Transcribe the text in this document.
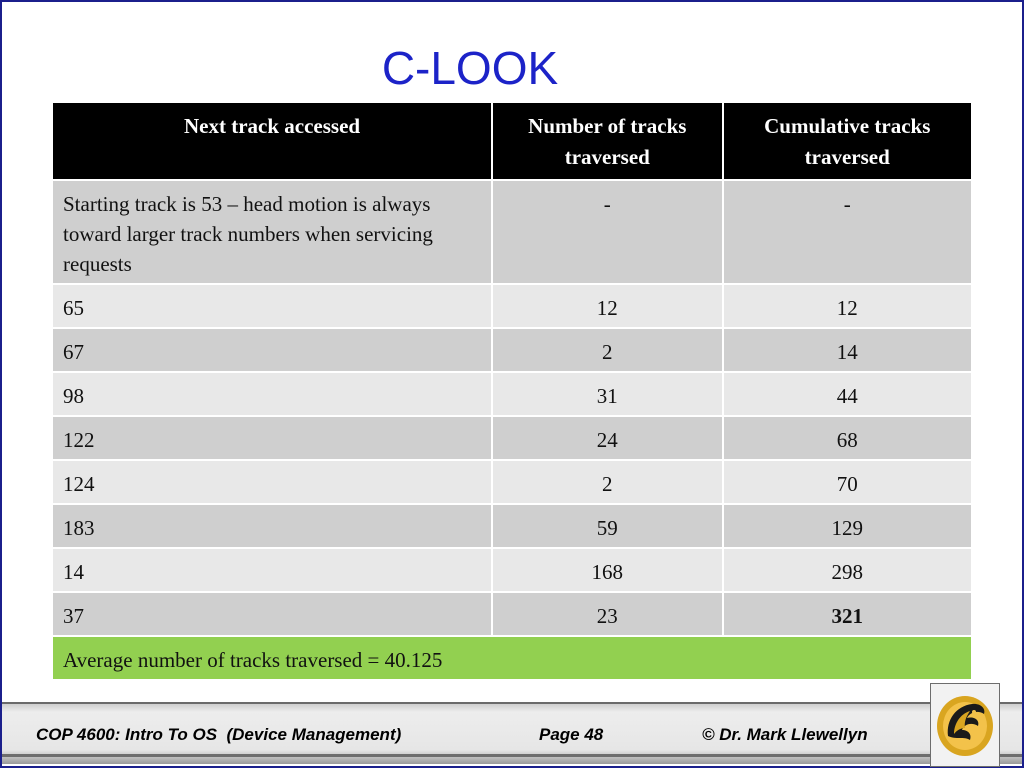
C-LOOK
Next track accessed	Number of tracks traversed	Cumulative tracks traversed
Starting track is 53 – head motion is always toward larger track numbers when servicing requests	-	-
65	12	12
67	2	14
98	31	44
122	24	68
124	2	70
183	59	129
14	168	298
37	23	321
Average number of tracks traversed = 40.125		
COP 4600: Intro To OS  (Device Management)	Page 48	© Dr. Mark Llewellyn
